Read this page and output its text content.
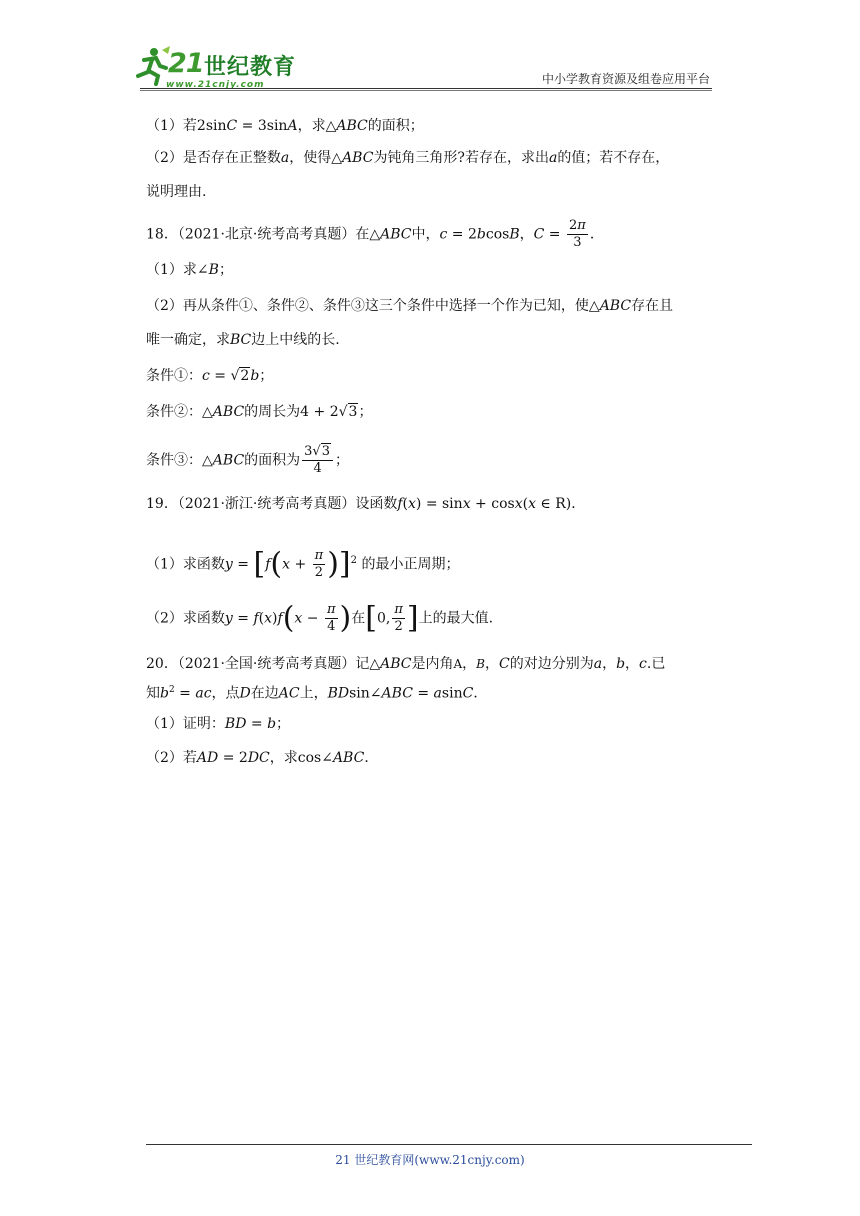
21 世纪教育
www.21cnjy.com	中小学教育资源及组卷应用平台
（1）若2sinC = 3sinA，求△ABC的面积；
（2）是否存在正整数a，使得△ABC为钝角三角形?若存在，求出a的值；若不存在，
说明理由.
18．（2021·北京·统考高考真题）在△ABC中，c = 2bcosB，$C = \frac{2\pi}{3}$ ．
（1）求∠B；
（2）再从条件①、条件②、条件③这三个条件中选择一个作为已知，使△ABC存在且
唯一确定，求BC边上中线的长.
条件①：c = √2b；
条件②：△ABC的周长为4 + 2√3；
条件③：△ABC的面积为 $\frac{3√3}{4}$ ；
19．（2021·浙江·统考高考真题）设函数f(x) = sinx + cosx(x ∈ R)．
（1）求函数$y = [f(x + \frac{\pi}{2} )]^2$ 的最小正周期；
（2）求函数$y = f(x)f(x - \frac{\pi}{4}$ )在[0, $\frac{\pi}{2}$ ]上的最大值.
20．（2021·全国·统考高考真题）记△ABC是内角A，B，C的对边分别为a，b，c.已
知$b^2$ = ac，点D在边AC上，BDsin∠ABC = asinC．
（1）证明：BD = b；
（2）若AD = 2DC，求cos∠ABC．
21 世纪教育网(www.21cnjy.com)
